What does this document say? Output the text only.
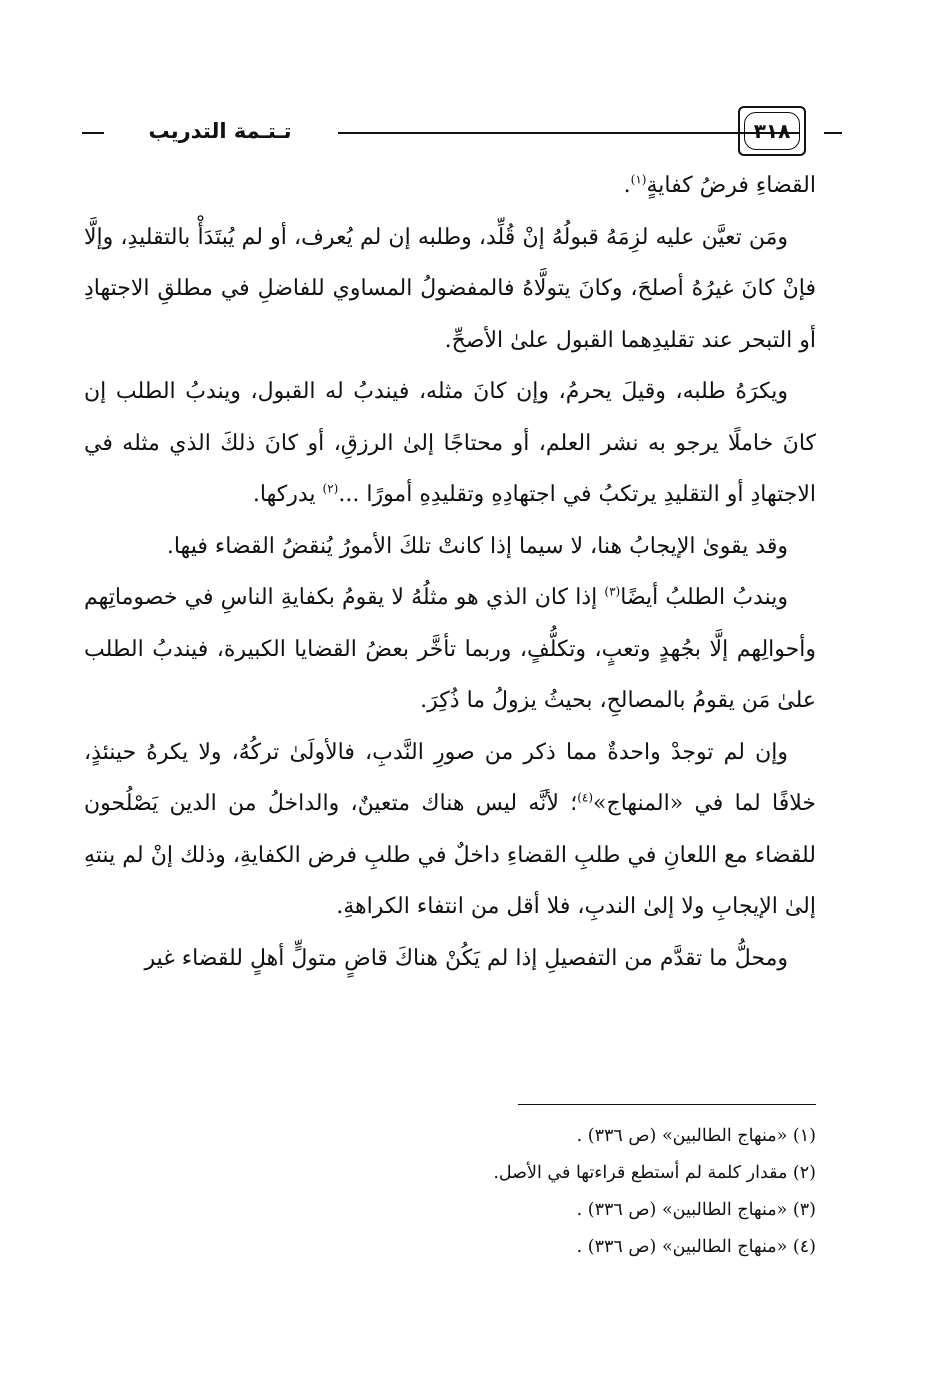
تـتـمة التدريب	٣١٨

القضاءِ فرضُ كفايةٍ$^{(١)}$.

ومَن تعيَّن عليه لزِمَهُ قبولُهُ إنْ قُلِّد، وطلبه إن لم يُعرف، أو لم يُبتَدَأْ بالتقليدِ، وإلَّا فإنْ كانَ غيرُهُ أصلحَ، وكانَ يتولَّاهُ فالمفضولُ المساوي للفاضلِ في مطلقِ الاجتهادِ أو التبحر عند تقليدِهما القبول علىٰ الأصحِّ.

ويكرَهُ طلبه، وقيلَ يحرمُ، وإن كانَ مثله، فيندبُ له القبول، ويندبُ الطلب إن كانَ خاملًا يرجو به نشر العلم، أو محتاجًا إلىٰ الرزقِ، أو كانَ ذلكَ الذي مثله في الاجتهادِ أو التقليدِ يرتكبُ في اجتهادِهِ وتقليدِهِ أمورًا ...$^{(٢)}$ يدركها.

وقد يقوىٰ الإيجابُ هنا، لا سيما إذا كانتْ تلكَ الأمورُ يُنقضُ القضاء فيها.

ويندبُ الطلبُ أيضًا$^{(٣)}$ إذا كان الذي هو مثلُهُ لا يقومُ بكفايةِ الناسِ في خصوماتِهم وأحوالِهم إلَّا بجُهدٍ وتعبٍ، وتكلُّفٍ، وربما تأخَّر بعضُ القضايا الكبيرة، فيندبُ الطلب علىٰ مَن يقومُ بالمصالحِ، بحيثُ يزولُ ما ذُكِرَ.

وإن لم توجدْ واحدةٌ مما ذكر من صورِ النَّدبِ، فالأولَىٰ تركُهُ، ولا يكرهُ حينئذٍ، خلافًا لما في «المنهاج»$^{(٤)}$؛ لأنَّه ليس هناك متعينٌ، والداخلُ من الدين يَصْلُحون للقضاء مع اللعانِ في طلبِ القضاءِ داخلٌ في طلبِ فرض الكفايةِ، وذلك إنْ لم ينتهِ إلىٰ الإيجابِ ولا إلىٰ الندبِ، فلا أقل من انتفاء الكراهةِ.

ومحلُّ ما تقدَّم من التفصيلِ إذا لم يَكُنْ هناكَ قاضٍ متولٍّ أهلٍ للقضاء غير

(١) «منهاج الطالبين» (ص ٣٣٦) .

(٢) مقدار كلمة لم أستطع قراءتها في الأصل.

(٣) «منهاج الطالبين» (ص ٣٣٦) .

(٤) «منهاج الطالبين» (ص ٣٣٦) .
